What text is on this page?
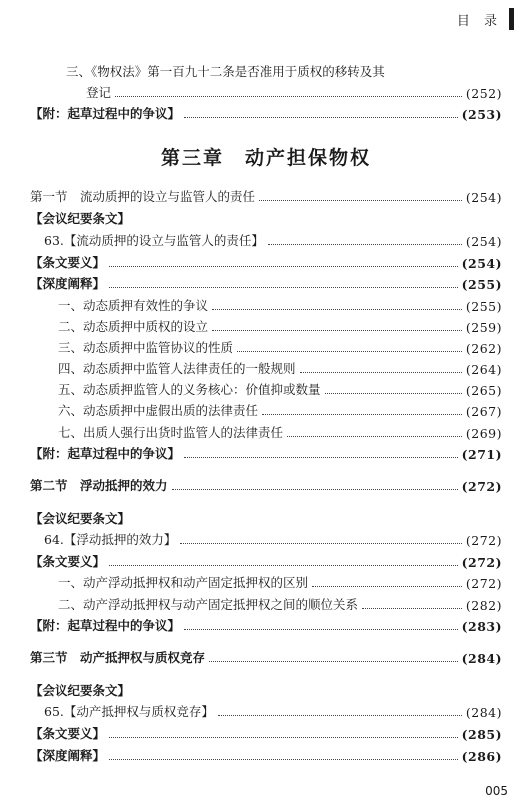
目 录
三、《物权法》第一百九十二条是否准用于质权的移转及其
登记	(252)
【附：起草过程中的争议】	(253)
第三章　动产担保物权
第一节　流动质押的设立与监管人的责任	(254)
【会议纪要条文】
63.【流动质押的设立与监管人的责任】	(254)
【条文要义】	(254)
【深度阐释】	(255)
一、动态质押有效性的争议	(255)
二、动态质押中质权的设立	(259)
三、动态质押中监管协议的性质	(262)
四、动态质押中监管人法律责任的一般规则	(264)
五、动态质押监管人的义务核心：价值抑或数量	(265)
六、动态质押中虚假出质的法律责任	(267)
七、出质人强行出货时监管人的法律责任	(269)
【附：起草过程中的争议】	(271)
第二节　浮动抵押的效力	(272)
【会议纪要条文】
64.【浮动抵押的效力】	(272)
【条文要义】	(272)
一、动产浮动抵押权和动产固定抵押权的区别	(272)
二、动产浮动抵押权与动产固定抵押权之间的顺位关系	(282)
【附：起草过程中的争议】	(283)
第三节　动产抵押权与质权竞存	(284)
【会议纪要条文】
65.【动产抵押权与质权竞存】	(284)
【条文要义】	(285)
【深度阐释】	(286)
005
